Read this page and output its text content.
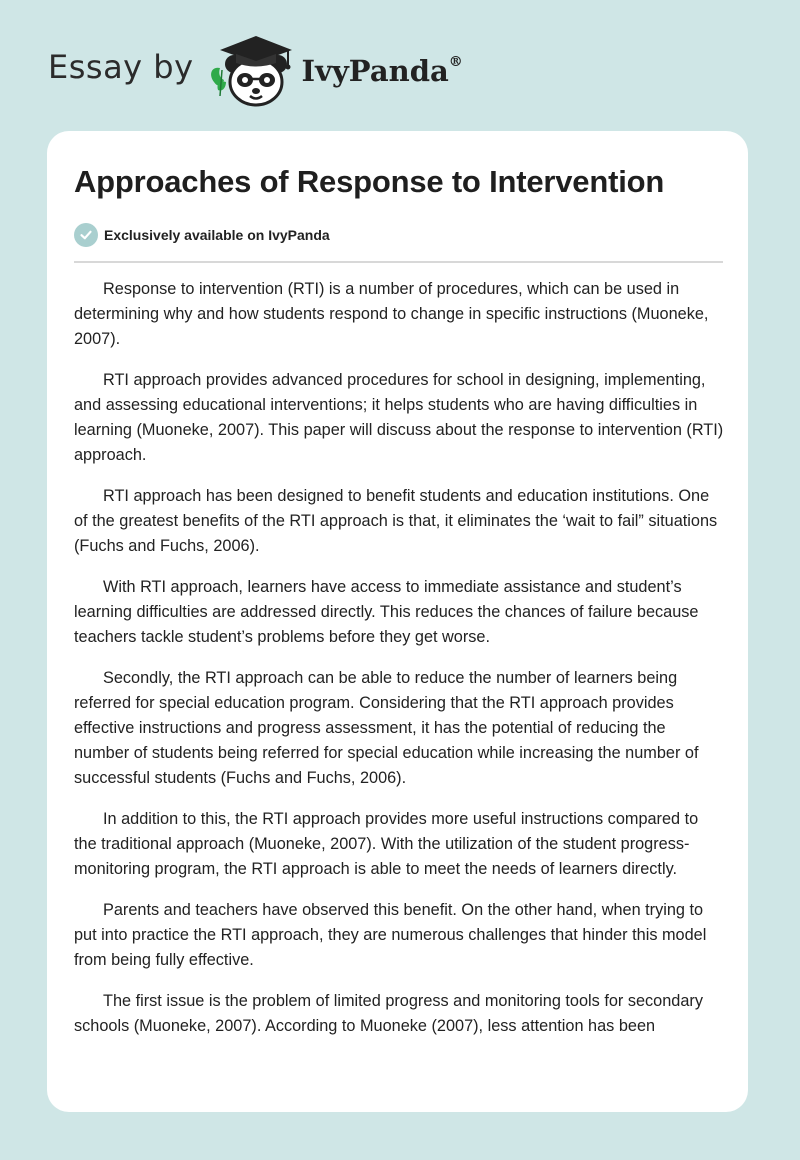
Essay by	IvyPanda®
Approaches of Response to Intervention
Exclusively available on IvyPanda

Response to intervention (RTI) is a number of procedures, which can be used in determining why and how students respond to change in specific instructions (Muoneke, 2007).

RTI approach provides advanced procedures for school in designing, implementing, and assessing educational interventions; it helps students who are having difficulties in learning (Muoneke, 2007). This paper will discuss about the response to intervention (RTI) approach.

RTI approach has been designed to benefit students and education institutions. One of the greatest benefits of the RTI approach is that, it eliminates the ‘wait to fail” situations (Fuchs and Fuchs, 2006).

With RTI approach, learners have access to immediate assistance and student’s learning difficulties are addressed directly. This reduces the chances of failure because teachers tackle student’s problems before they get worse.

Secondly, the RTI approach can be able to reduce the number of learners being referred for special education program. Considering that the RTI approach provides effective instructions and progress assessment, it has the potential of reducing the number of students being referred for special education while increasing the number of successful students (Fuchs and Fuchs, 2006).

In addition to this, the RTI approach provides more useful instructions compared to the traditional approach (Muoneke, 2007). With the utilization of the student progress-monitoring program, the RTI approach is able to meet the needs of learners directly.

Parents and teachers have observed this benefit. On the other hand, when trying to put into practice the RTI approach, they are numerous challenges that hinder this model from being fully effective.

The first issue is the problem of limited progress and monitoring tools for secondary schools (Muoneke, 2007). According to Muoneke (2007), less attention has been
